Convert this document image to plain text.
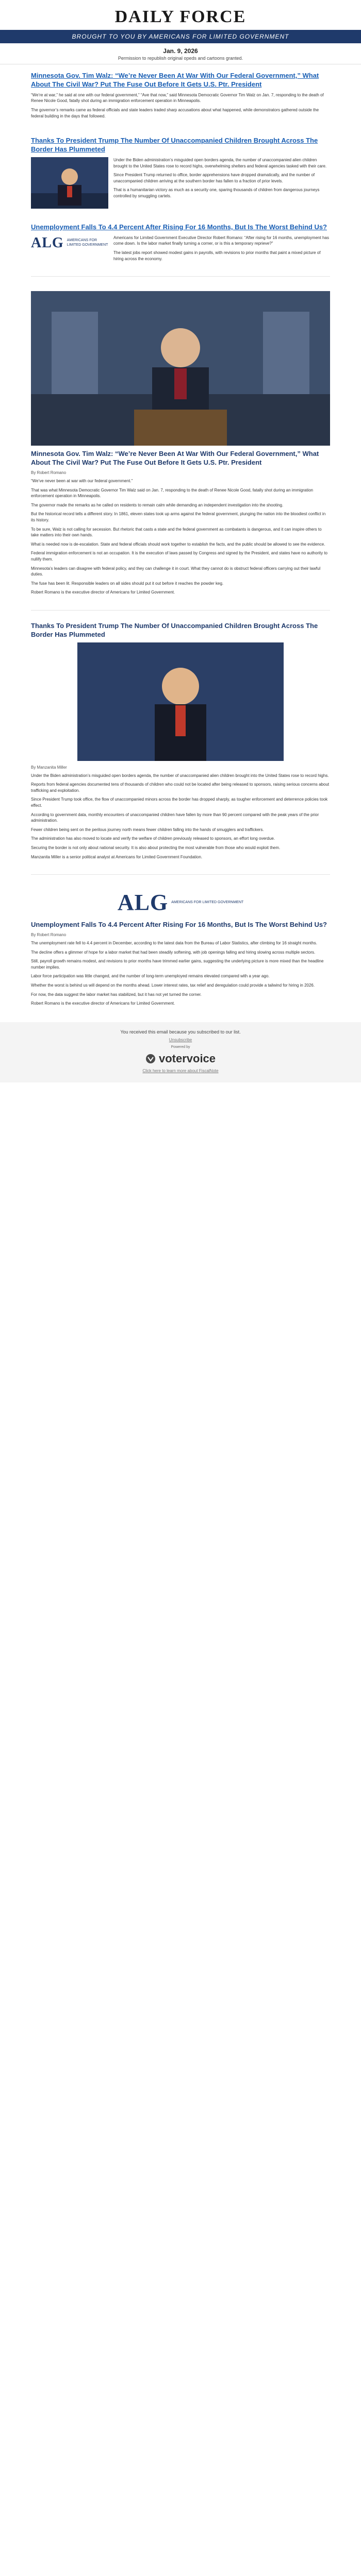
DAILY FORCE
BROUGHT TO YOU BY AMERICANS FOR LIMITED GOVERNMENT
Jan. 9, 2026
Permission to republish original opeds and cartoons granted.
Minnesota Gov. Tim Walz: “We’re Never Been At War With Our Federal Government,” What About The Civil War? Put The Fuse Out Before It Gets U.S. Ptr. President

“We’re at war,” he said at one with our federal government,” “Ave that now,” said Minnesota Democratic Governor Tim Walz on Jan. 7, responding to the death of Renee Nicole Good, fatally shot during an immigration enforcement operation in Minneapolis.

The governor’s remarks came as federal officials and state leaders traded sharp accusations about what happened, while demonstrators gathered outside the federal building in the days that followed.

Thanks To President Trump The Number Of Unaccompanied Children Brought Across The Border Has Plummeted

Under the Biden administration’s misguided open borders agenda, the number of unaccompanied alien children brought to the United States rose to record highs, overwhelming shelters and federal agencies tasked with their care.

Since President Trump returned to office, border apprehensions have dropped dramatically, and the number of unaccompanied children arriving at the southern border has fallen to a fraction of prior levels.

That is a humanitarian victory as much as a security one, sparing thousands of children from dangerous journeys controlled by smuggling cartels.

Unemployment Falls To 4.4 Percent After Rising For 16 Months, But Is The Worst Behind Us?
ALG AMERICANS FOR LIMITED GOVERNMENT

Americans for Limited Government Executive Director Robert Romano: “After rising for 16 months, unemployment has come down. Is the labor market finally turning a corner, or is this a temporary reprieve?”

The latest jobs report showed modest gains in payrolls, with revisions to prior months that paint a mixed picture of hiring across the economy.

Minnesota Gov. Tim Walz: “We’re Never Been At War With Our Federal Government,” What About The Civil War? Put The Fuse Out Before It Gets U.S. Ptr. President
By Robert Romano

“We’ve never been at war with our federal government.”

That was what Minnesota Democratic Governor Tim Walz said on Jan. 7, responding to the death of Renee Nicole Good, fatally shot during an immigration enforcement operation in Minneapolis.

The governor made the remarks as he called on residents to remain calm while demanding an independent investigation into the shooting.

But the historical record tells a different story. In 1861, eleven states took up arms against the federal government, plunging the nation into the bloodiest conflict in its history.

To be sure, Walz is not calling for secession. But rhetoric that casts a state and the federal government as combatants is dangerous, and it can inspire others to take matters into their own hands.

What is needed now is de-escalation. State and federal officials should work together to establish the facts, and the public should be allowed to see the evidence.

Federal immigration enforcement is not an occupation. It is the execution of laws passed by Congress and signed by the President, and states have no authority to nullify them.

Minnesota’s leaders can disagree with federal policy, and they can challenge it in court. What they cannot do is obstruct federal officers carrying out their lawful duties.

The fuse has been lit. Responsible leaders on all sides should put it out before it reaches the powder keg.

Robert Romano is the executive director of Americans for Limited Government.

Thanks To President Trump The Number Of Unaccompanied Children Brought Across The Border Has Plummeted
By Manzanita Miller

Under the Biden administration’s misguided open borders agenda, the number of unaccompanied alien children brought into the United States rose to record highs.

Reports from federal agencies documented tens of thousands of children who could not be located after being released to sponsors, raising serious concerns about trafficking and exploitation.

Since President Trump took office, the flow of unaccompanied minors across the border has dropped sharply, as tougher enforcement and deterrence policies took effect.

According to government data, monthly encounters of unaccompanied children have fallen by more than 90 percent compared with the peak years of the prior administration.

Fewer children being sent on the perilous journey north means fewer children falling into the hands of smugglers and traffickers.

The administration has also moved to locate and verify the welfare of children previously released to sponsors, an effort long overdue.

Securing the border is not only about national security. It is also about protecting the most vulnerable from those who would exploit them.

Manzanita Miller is a senior political analyst at Americans for Limited Government Foundation.

ALG AMERICANS FOR LIMITED GOVERNMENT
Unemployment Falls To 4.4 Percent After Rising For 16 Months, But Is The Worst Behind Us?
By Robert Romano

The unemployment rate fell to 4.4 percent in December, according to the latest data from the Bureau of Labor Statistics, after climbing for 16 straight months.

The decline offers a glimmer of hope for a labor market that had been steadily softening, with job openings falling and hiring slowing across multiple sectors.

Still, payroll growth remains modest, and revisions to prior months have trimmed earlier gains, suggesting the underlying picture is more mixed than the headline number implies.

Labor force participation was little changed, and the number of long-term unemployed remains elevated compared with a year ago.

Whether the worst is behind us will depend on the months ahead. Lower interest rates, tax relief and deregulation could provide a tailwind for hiring in 2026.

For now, the data suggest the labor market has stabilized, but it has not yet turned the corner.

Robert Romano is the executive director of Americans for Limited Government.

You received this email because you subscribed to our list.

Unsubscribe

Powered by
votervoice
Click here to learn more about FiscalNote
